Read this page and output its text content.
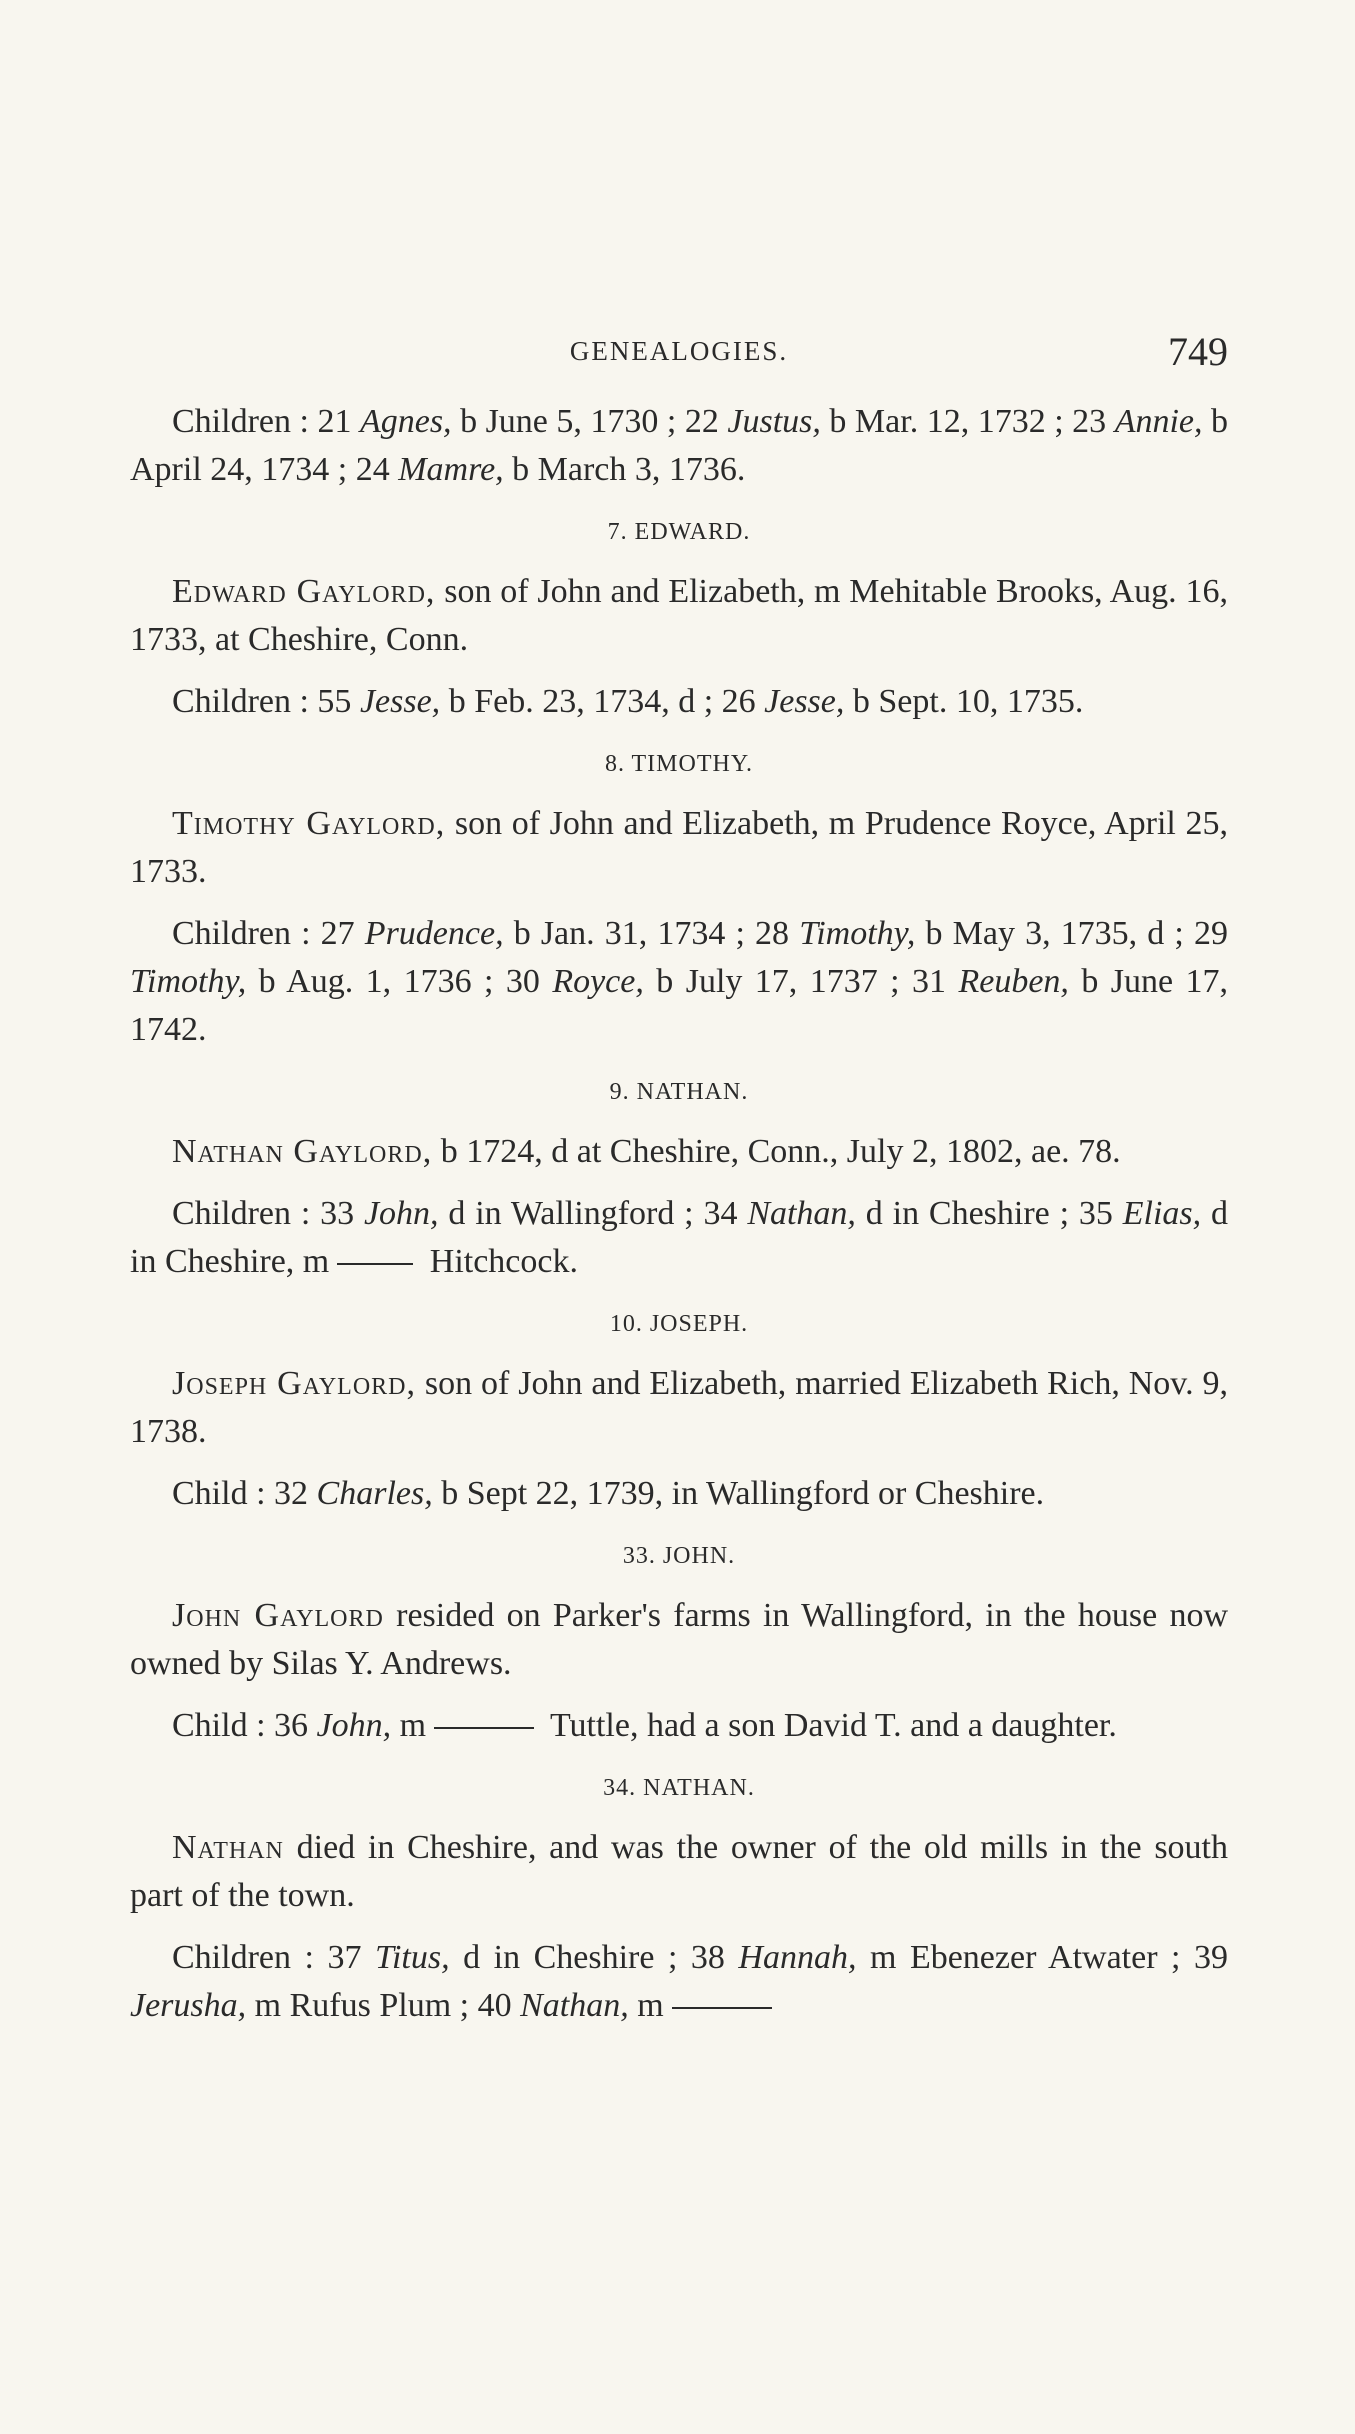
GENEALOGIES.	749

Children : 21 Agnes, b June 5, 1730 ; 22 Justus, b Mar. 12, 1732 ; 23 Annie, b April 24, 1734 ; 24 Mamre, b March 3, 1736.

7. EDWARD.

Edward Gaylord, son of John and Elizabeth, m Mehitable Brooks, Aug. 16, 1733, at Cheshire, Conn.

Children : 55 Jesse, b Feb. 23, 1734, d ; 26 Jesse, b Sept. 10, 1735.

8. TIMOTHY.

Timothy Gaylord, son of John and Elizabeth, m Prudence Royce, April 25, 1733.

Children : 27 Prudence, b Jan. 31, 1734 ; 28 Timothy, b May 3, 1735, d ; 29 Timothy, b Aug. 1, 1736 ; 30 Royce, b July 17, 1737 ; 31 Reuben, b June 17, 1742.

9. NATHAN.

Nathan Gaylord, b 1724, d at Cheshire, Conn., July 2, 1802, ae. 78.

Children : 33 John, d in Wallingford ; 34 Nathan, d in Cheshire ; 35 Elias, d in Cheshire, m	Hitchcock.

10. JOSEPH.

Joseph Gaylord, son of John and Elizabeth, married Elizabeth Rich, Nov. 9, 1738.

Child : 32 Charles, b Sept 22, 1739, in Wallingford or Cheshire.

33. JOHN.

John Gaylord resided on Parker's farms in Wallingford, in the house now owned by Silas Y. Andrews.

Child : 36 John, m	Tuttle, had a son David T. and a daughter.

34. NATHAN.

Nathan died in Cheshire, and was the owner of the old mills in the south part of the town.

Children : 37 Titus, d in Cheshire ; 38 Hannah, m Ebenezer Atwater ; 39 Jerusha, m Rufus Plum ; 40 Nathan, m
